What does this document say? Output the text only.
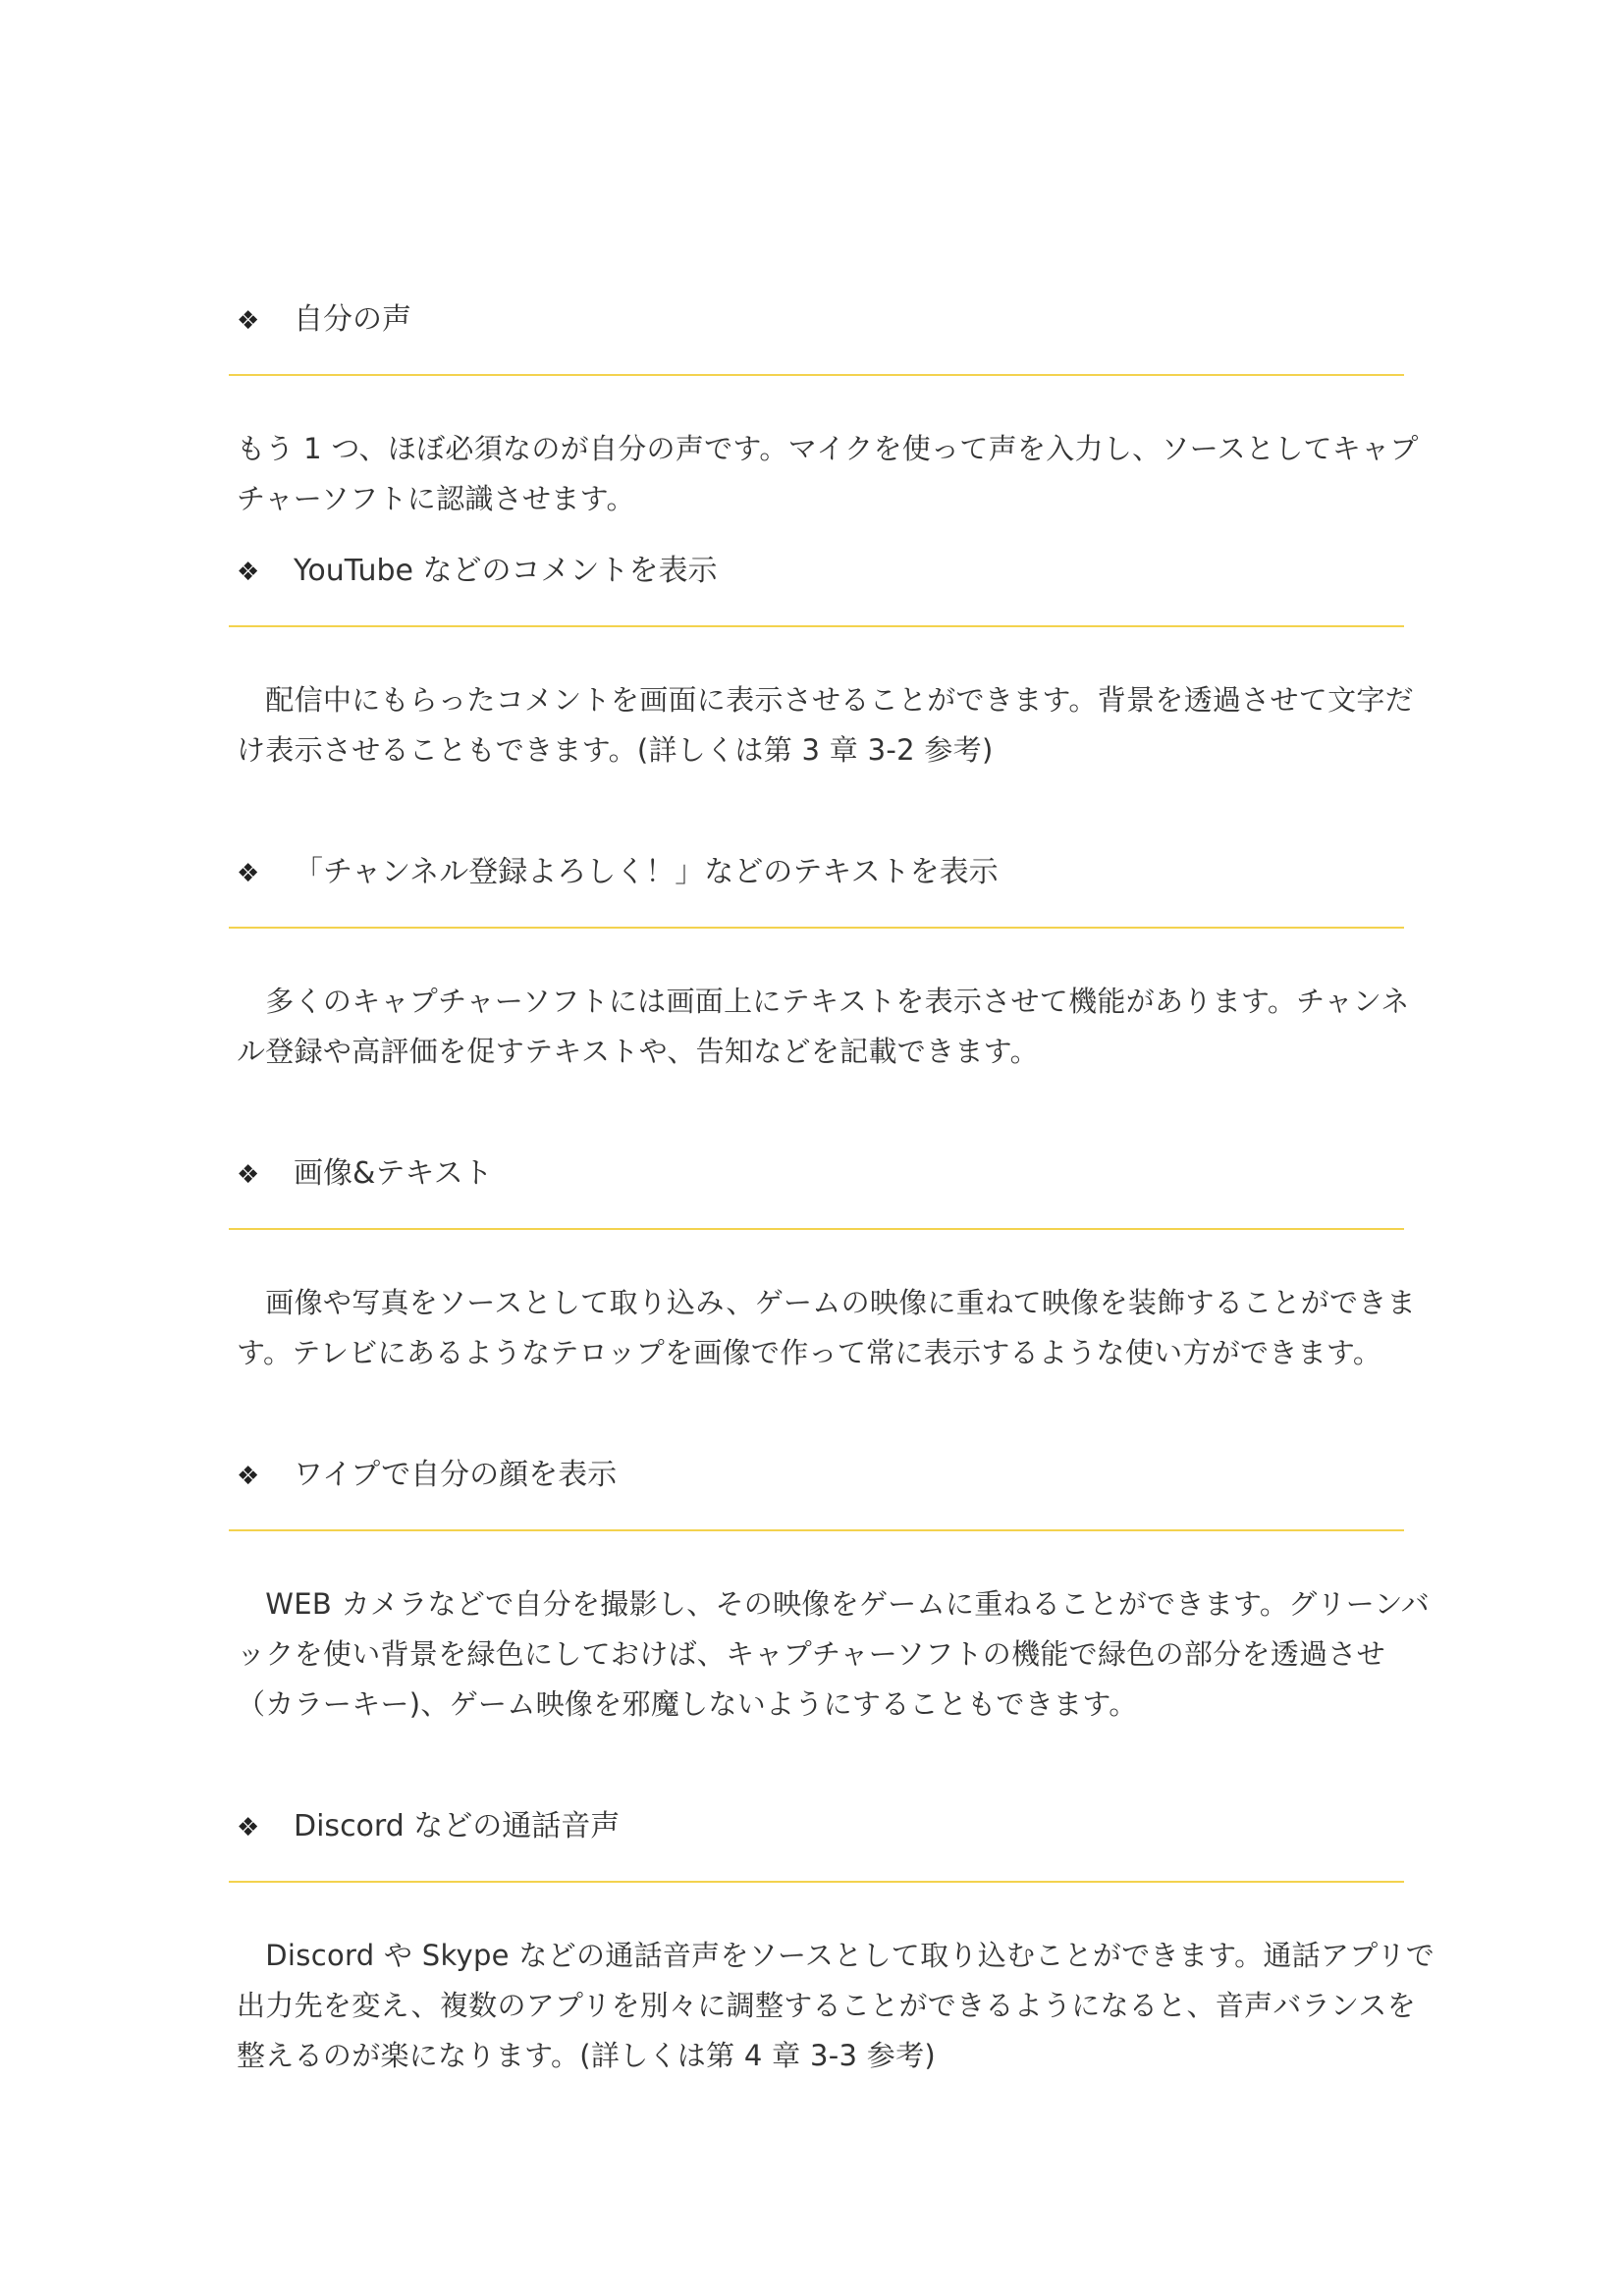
❖ 自分の声
もう 1 つ、ほぼ必須なのが自分の声です。マイクを使って声を入力し、ソースとしてキャプ
チャーソフトに認識させます。
❖ YouTube などのコメントを表示
　配信中にもらったコメントを画面に表示させることができます。背景を透過させて文字だ
け表示させることもできます。(詳しくは第 3 章 3-2 参考)
❖ 「チャンネル登録よろしく！」などのテキストを表示
　多くのキャプチャーソフトには画面上にテキストを表示させて機能があります。チャンネ
ル登録や高評価を促すテキストや、告知などを記載できます。
❖ 画像&テキスト
　画像や写真をソースとして取り込み、ゲームの映像に重ねて映像を装飾することができま
す。テレビにあるようなテロップを画像で作って常に表示するような使い方ができます。
❖ ワイプで自分の顔を表示
　WEB カメラなどで自分を撮影し、その映像をゲームに重ねることができます。グリーンバ
ックを使い背景を緑色にしておけば、キャプチャーソフトの機能で緑色の部分を透過させ
（カラーキー)、ゲーム映像を邪魔しないようにすることもできます。
❖ Discord などの通話音声
　Discord や Skype などの通話音声をソースとして取り込むことができます。通話アプリで
出力先を変え、複数のアプリを別々に調整することができるようになると、音声バランスを
整えるのが楽になります。(詳しくは第 4 章 3-3 参考)
